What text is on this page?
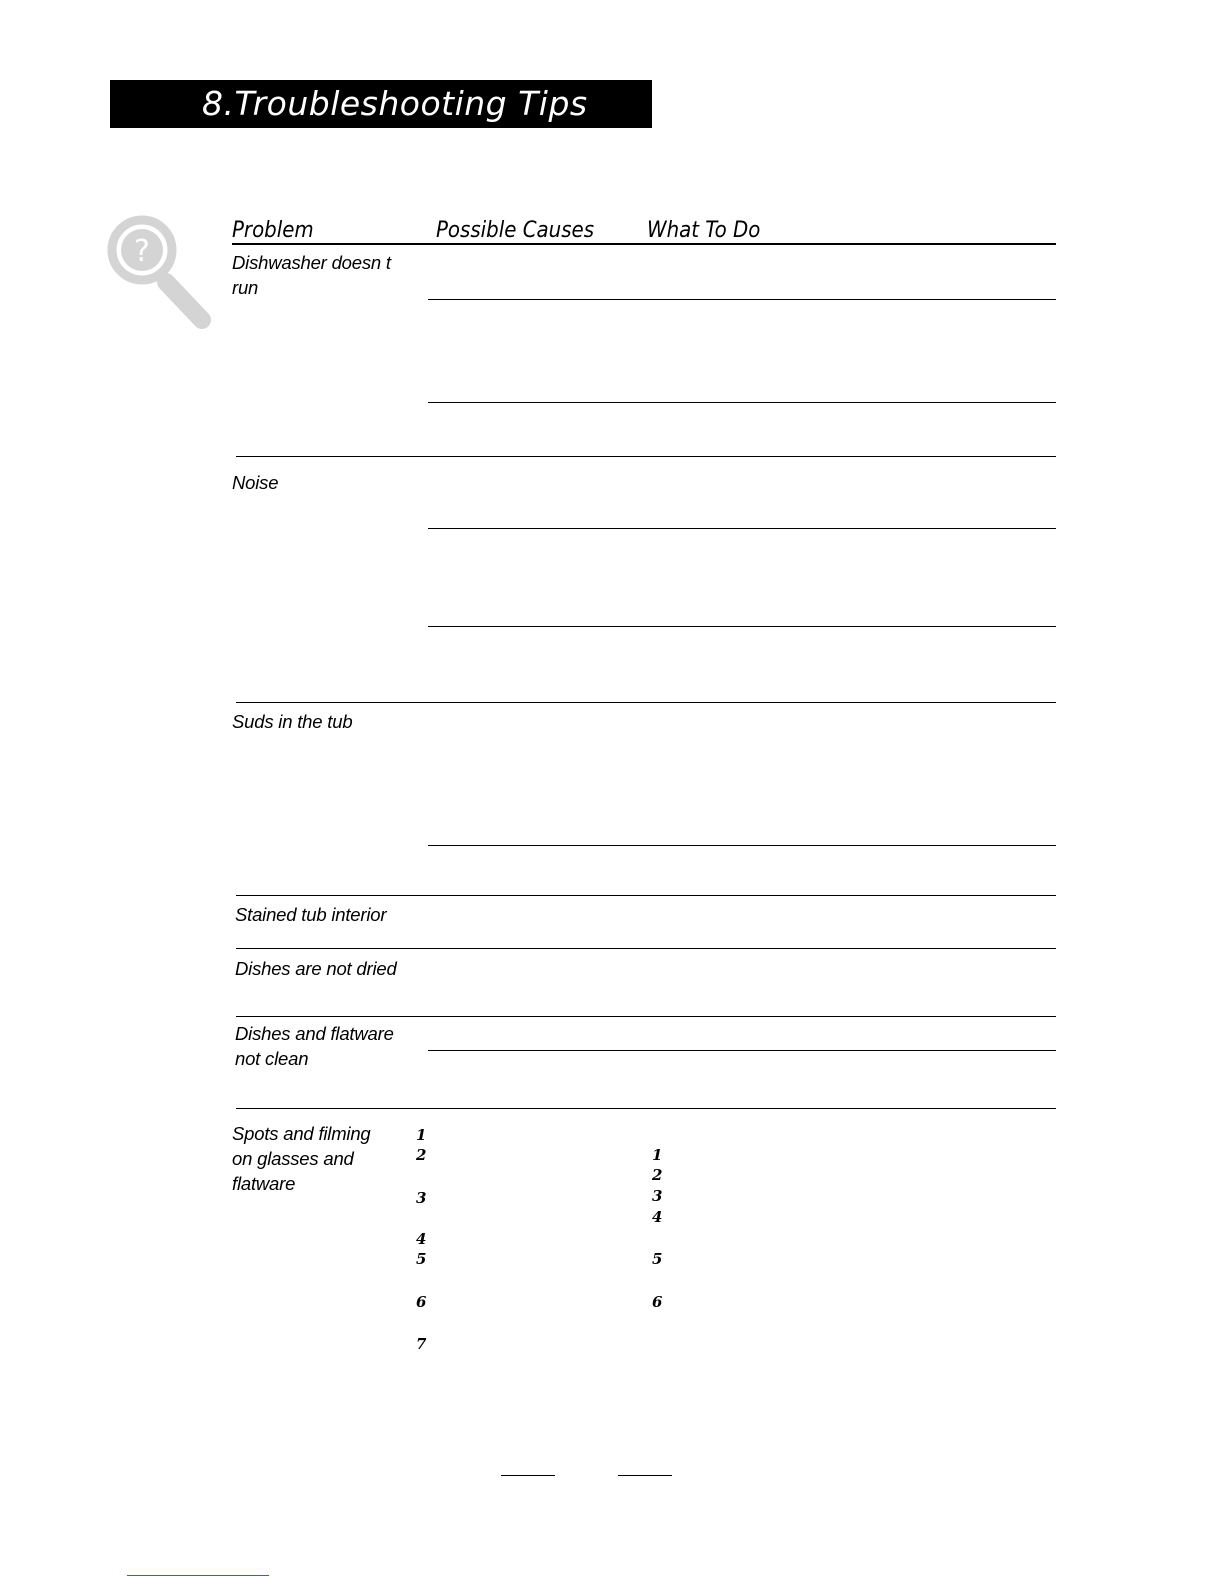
8.Troubleshooting Tips
?
Problem	Possible Causes What To Do
Dishwasher doesn t
run
Noise
Suds in the tub
Stained tub interior
Dishes are not dried
Dishes and flatware
not clean
Spots and filming
on glasses and
flatware
1
2
3
4
5
6
7
1
2
3
4
5
6
